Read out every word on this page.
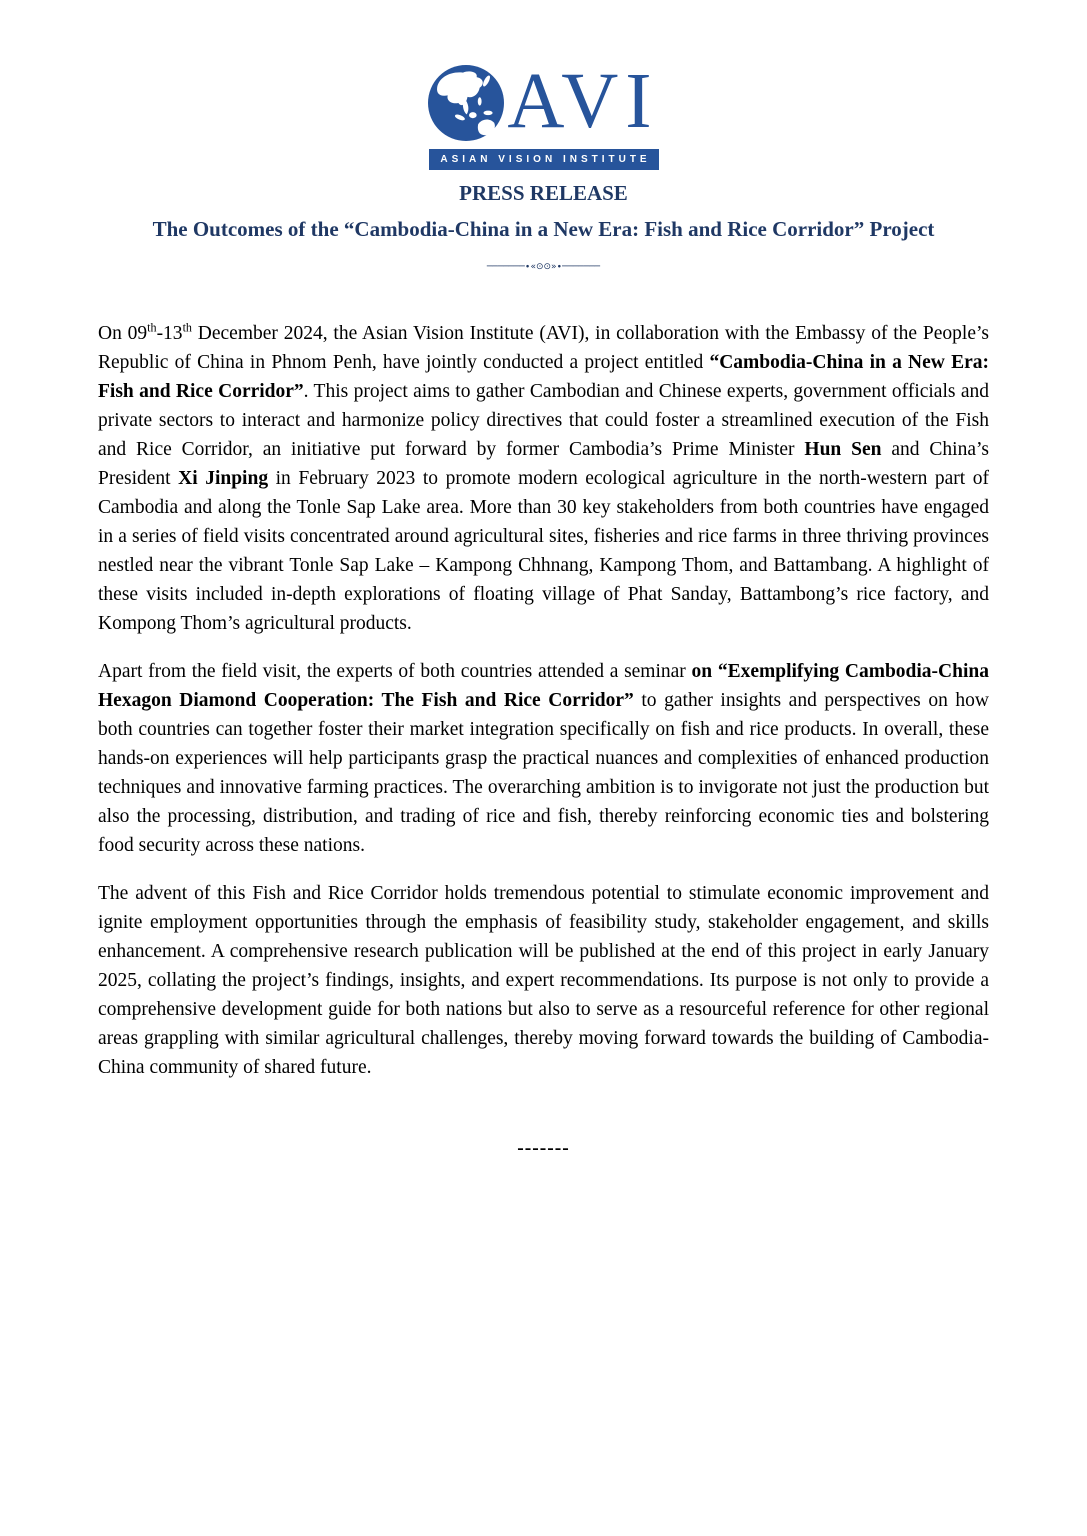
AVI
ASIAN VISION INSTITUTE
PRESS RELEASE
The Outcomes of the “Cambodia-China in a New Era: Fish and Rice Corridor” Project
───────∙«⊙⊙»∙───────

On 09th-13th December 2024, the Asian Vision Institute (AVI), in collaboration with the Embassy of the People’s Republic of China in Phnom Penh, have jointly conducted a project entitled “Cambodia-China in a New Era: Fish and Rice Corridor”. This project aims to gather Cambodian and Chinese experts, government officials and private sectors to interact and harmonize policy directives that could foster a streamlined execution of the Fish and Rice Corridor, an initiative put forward by former Cambodia’s Prime Minister Hun Sen and China’s President Xi Jinping in February 2023 to promote modern ecological agriculture in the north-western part of Cambodia and along the Tonle Sap Lake area. More than 30 key stakeholders from both countries have engaged in a series of field visits concentrated around agricultural sites, fisheries and rice farms in three thriving provinces nestled near the vibrant Tonle Sap Lake – Kampong Chhnang, Kampong Thom, and Battambang. A highlight of these visits included in-depth explorations of floating village of Phat Sanday, Battambong’s rice factory, and Kompong Thom’s agricultural products.

Apart from the field visit, the experts of both countries attended a seminar on “Exemplifying Cambodia-China Hexagon Diamond Cooperation: The Fish and Rice Corridor” to gather insights and perspectives on how both countries can together foster their market integration specifically on fish and rice products. In overall, these hands-on experiences will help participants grasp the practical nuances and complexities of enhanced production techniques and innovative farming practices. The overarching ambition is to invigorate not just the production but also the processing, distribution, and trading of rice and fish, thereby reinforcing economic ties and bolstering food security across these nations.

The advent of this Fish and Rice Corridor holds tremendous potential to stimulate economic improvement and ignite employment opportunities through the emphasis of feasibility study, stakeholder engagement, and skills enhancement. A comprehensive research publication will be published at the end of this project in early January 2025, collating the project’s findings, insights, and expert recommendations. Its purpose is not only to provide a comprehensive development guide for both nations but also to serve as a resourceful reference for other regional areas grappling with similar agricultural challenges, thereby moving forward towards the building of Cambodia-China community of shared future.

-------
